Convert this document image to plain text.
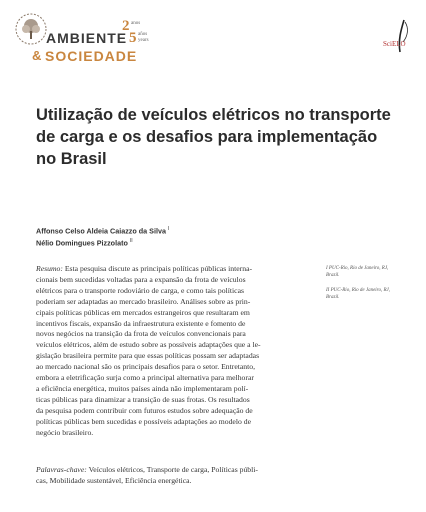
AMBIENTE
& SOCIEDADE
2 anos
5 años
years	SciELO
Utilização de veículos elétricos no transporte
de carga e os desafios para implementação
no Brasil
Affonso Celso Aldeia Caiazzo da Silva $^I$
Nélio Domingues Pizzolato $^{II}$
I PUC-Rio, Rio de Janeiro, RJ,
Brazil.
II PUC-Rio, Rio de Janeiro, RJ,
Brazil.
Resumo: Esta pesquisa discute as principais políticas públicas interna-
cionais bem sucedidas voltadas para a expansão da frota de veículos
elétricos para o transporte rodoviário de carga, e como tais políticas
poderiam ser adaptadas ao mercado brasileiro. Análises sobre as prin-
cipais políticas públicas em mercados estrangeiros que resultaram em
incentivos fiscais, expansão da infraestrutura existente e fomento de
novos negócios na transição da frota de veículos convencionais para
veículos elétricos, além de estudo sobre as possíveis adaptações que a le-
gislação brasileira permite para que essas políticas possam ser adaptadas
ao mercado nacional são os principais desafios para o setor. Entretanto,
embora a eletrificação surja como a principal alternativa para melhorar
a eficiência energética, muitos países ainda não implementaram polí-
ticas públicas para dinamizar a transição de suas frotas. Os resultados
da pesquisa podem contribuir com futuros estudos sobre adequação de
políticas públicas bem sucedidas e possíveis adaptações ao modelo de
negócio brasileiro.
Palavras-chave: Veículos elétricos, Transporte de carga, Políticas públi-
cas, Mobilidade sustentável, Eficiência energética.
